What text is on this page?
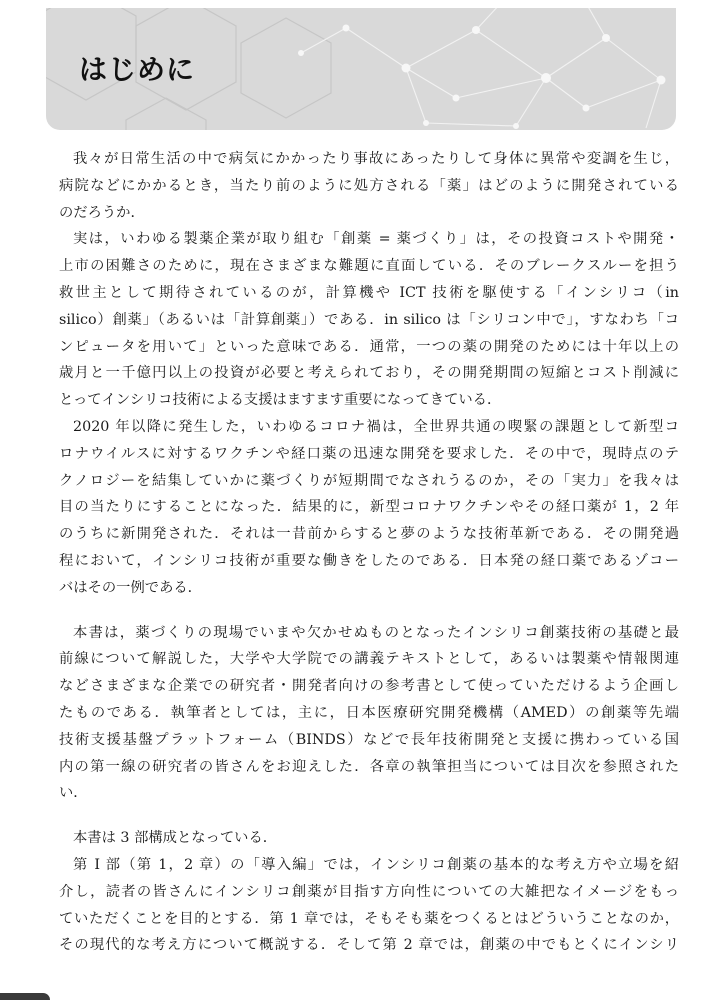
はじめに

我々が日常生活の中で病気にかかったり事故にあったりして身体に異常や変調を生じ，
病院などにかかるとき，当たり前のように処方される「薬」はどのように開発されている
のだろうか．

実は，いわゆる製薬企業が取り組む「創薬 = 薬づくり」は，その投資コストや開発・
上市の困難さのために，現在さまざまな難題に直面している．そのブレークスルーを担う
救世主として期待されているのが，計算機や ICT 技術を駆使する「インシリコ（in
silico）創薬」（あるいは「計算創薬」）である．in silico は「シリコン中で」，すなわち「コ
ンピュータを用いて」といった意味である．通常，一つの薬の開発のためには十年以上の
歳月と一千億円以上の投資が必要と考えられており，その開発期間の短縮とコスト削減に
とってインシリコ技術による支援はますます重要になってきている．

2020 年以降に発生した，いわゆるコロナ禍は，全世界共通の喫緊の課題として新型コ
ロナウイルスに対するワクチンや経口薬の迅速な開発を要求した．その中で，現時点のテ
クノロジーを結集していかに薬づくりが短期間でなされうるのか，その「実力」を我々は
目の当たりにすることになった．結果的に，新型コロナワクチンやその経口薬が 1，2 年
のうちに新開発された．それは一昔前からすると夢のような技術革新である．その開発過
程において，インシリコ技術が重要な働きをしたのである．日本発の経口薬であるゾコー
バはその一例である．

本書は，薬づくりの現場でいまや欠かせぬものとなったインシリコ創薬技術の基礎と最
前線について解説した，大学や大学院での講義テキストとして，あるいは製薬や情報関連
などさまざまな企業での研究者・開発者向けの参考書として使っていただけるよう企画し
たものである．執筆者としては，主に，日本医療研究開発機構（AMED）の創薬等先端
技術支援基盤プラットフォーム（BINDS）などで長年技術開発と支援に携わっている国
内の第一線の研究者の皆さんをお迎えした．各章の執筆担当については目次を参照された
い．

本書は 3 部構成となっている．

第 I 部（第 1，2 章）の「導入編」では，インシリコ創薬の基本的な考え方や立場を紹
介し，読者の皆さんにインシリコ創薬が目指す方向性についての大雑把なイメージをもっ
ていただくことを目的とする．第 1 章では，そもそも薬をつくるとはどういうことなのか，
その現代的な考え方について概説する．そして第 2 章では，創薬の中でもとくにインシリ
